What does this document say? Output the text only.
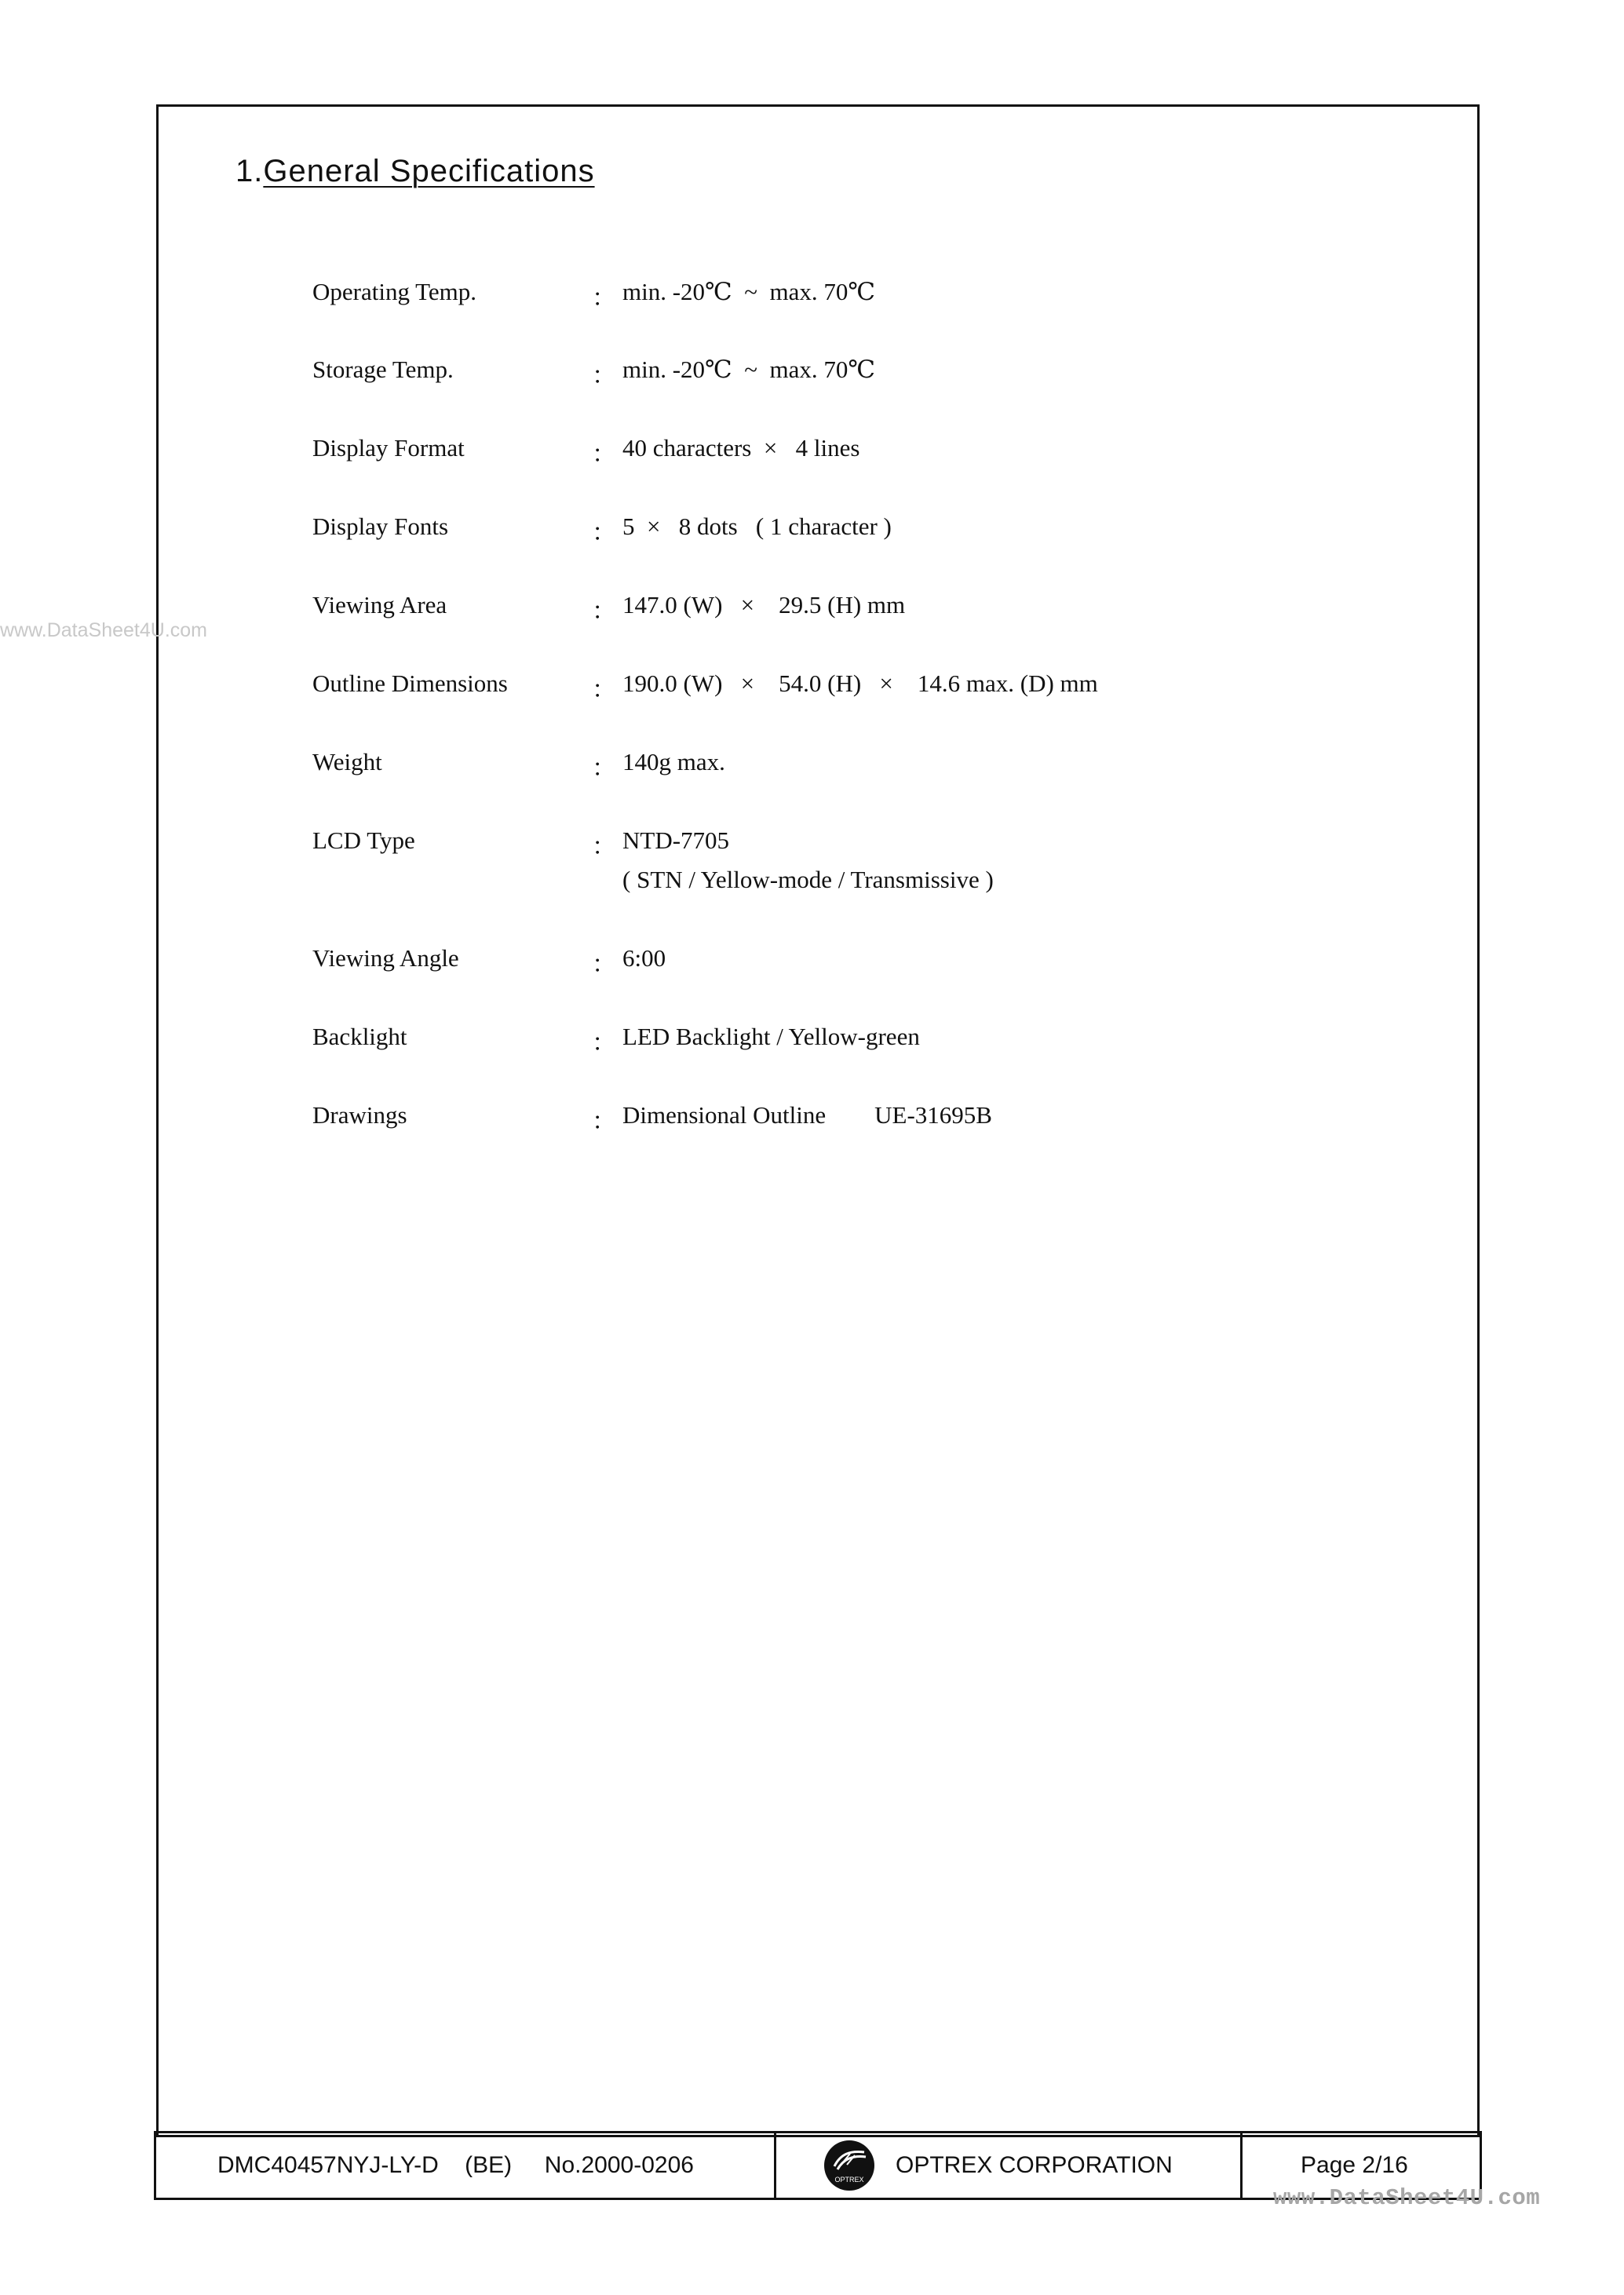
1.General Specifications
Operating Temp.	： min. -20℃  ~  max. 70℃
Storage Temp.	： min. -20℃  ~  max. 70℃
Display Format	： 40 characters  ×   4 lines
Display Fonts	： 5  ×   8 dots   ( 1 character )
Viewing Area	： 147.0 (W)   ×    29.5 (H) mm
Outline Dimensions	： 190.0 (W)   ×    54.0 (H)   ×    14.6 max. (D) mm
Weight	： 140g max.
LCD Type	： NTD-7705
( STN / Yellow-mode / Transmissive )
Viewing Angle	： 6:00
Backlight	： LED Backlight / Yellow-green
Drawings	： Dimensional Outline        UE-31695B
DMC40457NYJ-LY-D    (BE)     No.2000-0206
OPTREX
OPTREX CORPORATION	Page 2/16
www.DataSheet4U.com
www.DataSheet4U.com
